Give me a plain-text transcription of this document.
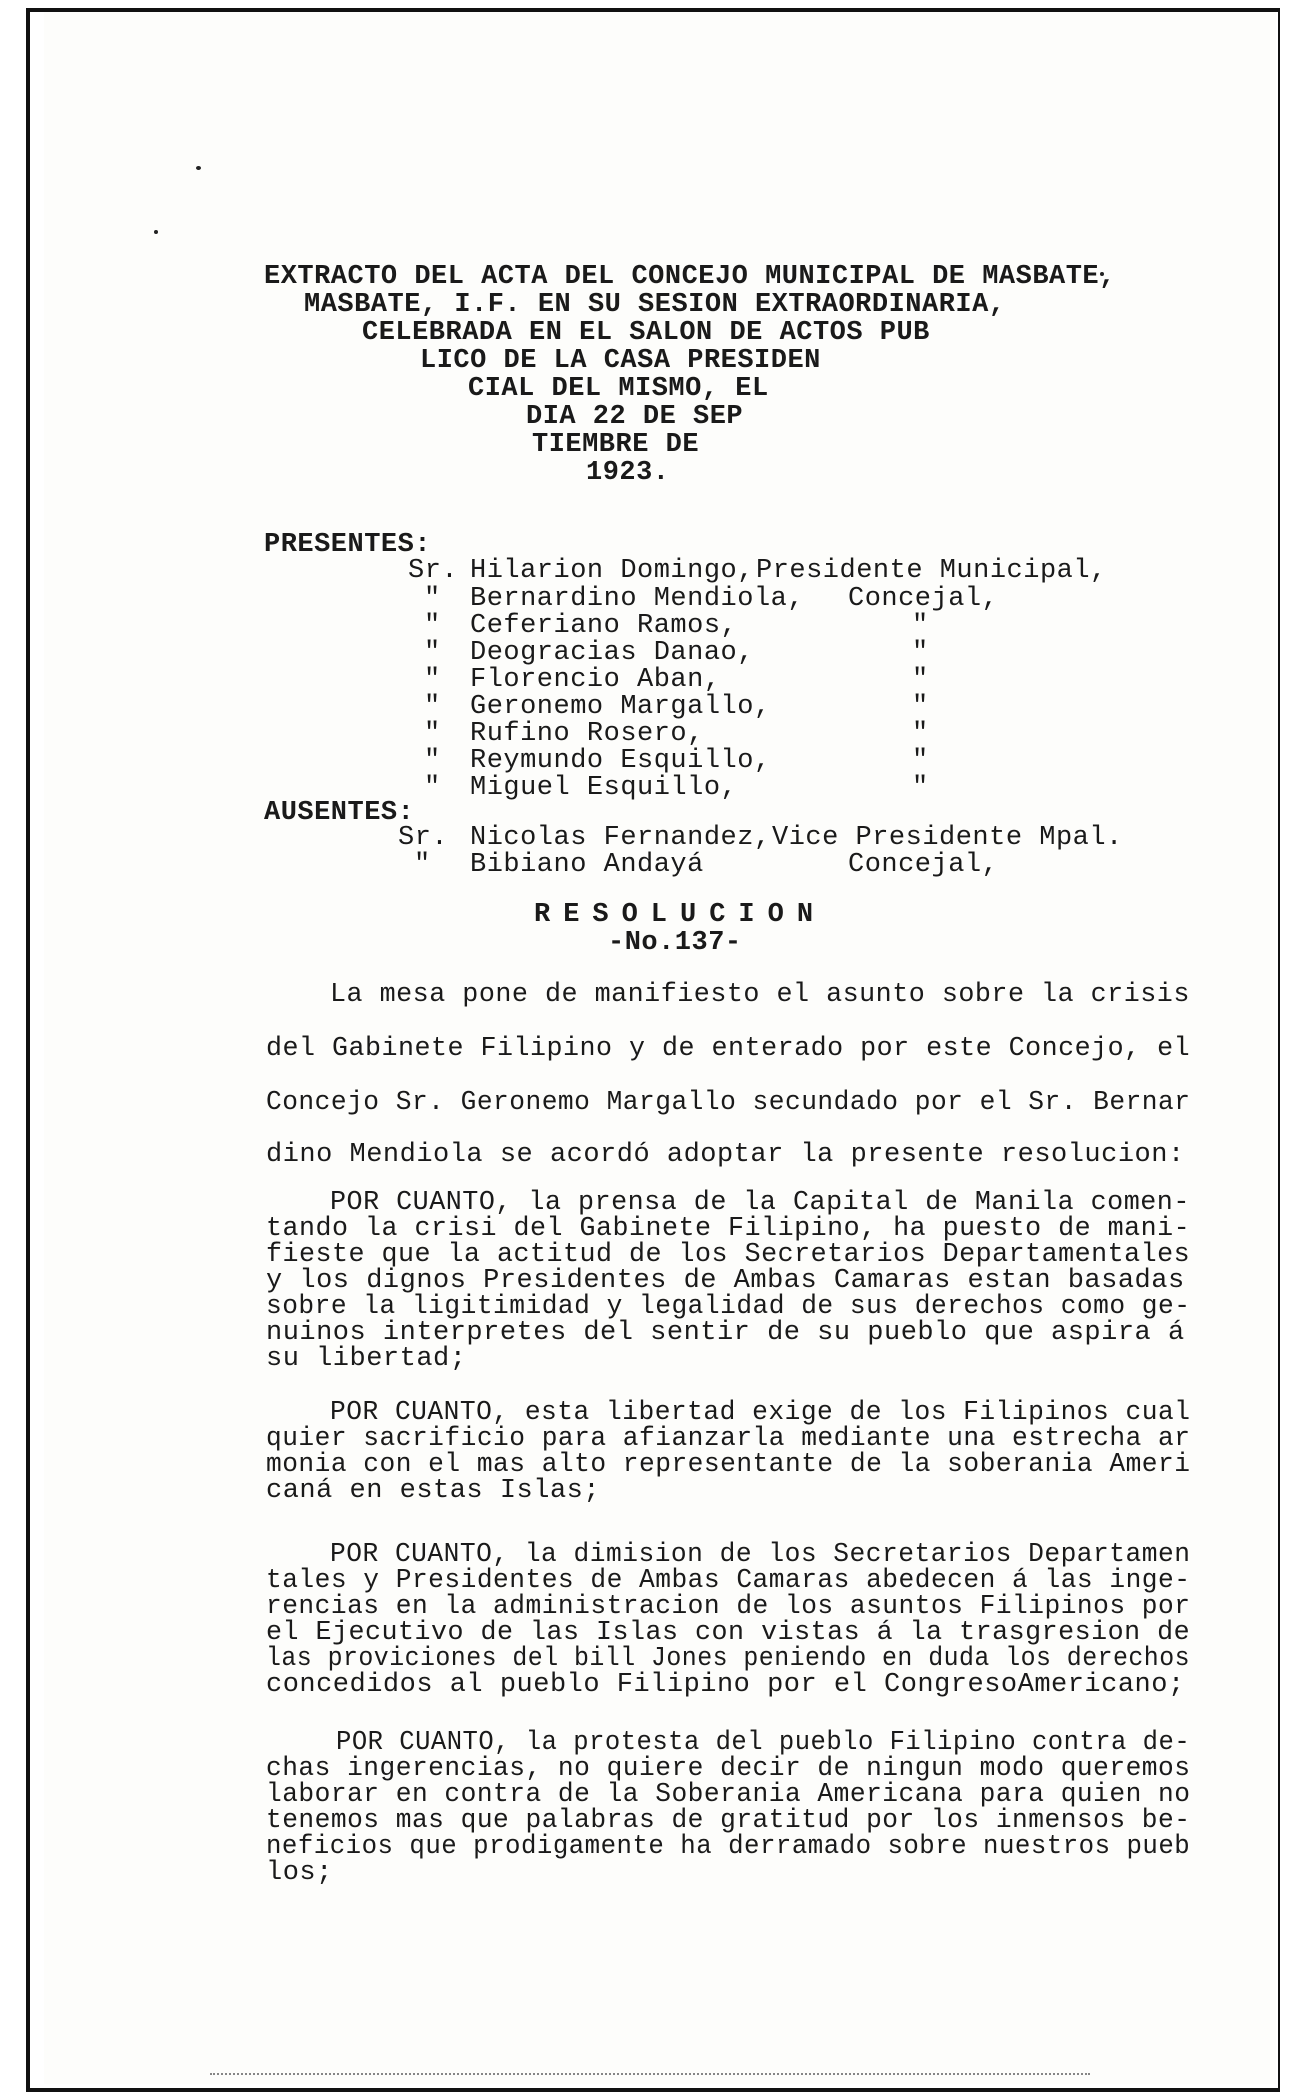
EXTRACTO DEL ACTA DEL CONCEJO MUNICIPAL DE MASBATE,
MASBATE, I.F. EN SU SESION EXTRAORDINARIA,
CELEBRADA EN EL SALON DE ACTOS PUB
LICO DE LA CASA PRESIDEN
CIAL DEL MISMO, EL
DIA 22 DE SEP
TIEMBRE DE
1923.
PRESENTES:
Sr. Hilarion Domingo, Presidente Municipal,
" Bernardino Mendiola, Concejal,
" Ceferiano Ramos,	"
" Deogracias Danao,	"
" Florencio Aban,	"
" Geronemo Margallo,	"
" Rufino Rosero,	"
" Reymundo Esquillo,	"
" Miguel Esquillo,	"
AUSENTES:
Sr. Nicolas Fernandez, Vice Presidente Mpal.
" Bibiano Andayá	Concejal,
RESOLUCION
-No.137-
La mesa pone de manifiesto el asunto sobre la crisis
del Gabinete Filipino y de enterado por este Concejo, el
Concejo Sr. Geronemo Margallo secundado por el Sr. Bernar
dino Mendiola se acordó adoptar la presente resolucion:
POR CUANTO, la prensa de la Capital de Manila comen-
tando la crisi del Gabinete Filipino, ha puesto de mani-
fieste que la actitud de los Secretarios Departamentales
y los dignos Presidentes de Ambas Camaras estan basadas
sobre la ligitimidad y legalidad de sus derechos como ge-
nuinos interpretes del sentir de su pueblo que aspira á
su libertad;
POR CUANTO, esta libertad exige de los Filipinos cual
quier sacrificio para afianzarla mediante una estrecha ar
monia con el mas alto representante de la soberania Ameri
caná en estas Islas;
POR CUANTO, la dimision de los Secretarios Departamen
tales y Presidentes de Ambas Camaras abedecen á las inge-
rencias en la administracion de los asuntos Filipinos por
el Ejecutivo de las Islas con vistas á la trasgresion de
las proviciones del bill Jones peniendo en duda los derechos
concedidos al pueblo Filipino por el CongresoAmericano;
POR CUANTO, la protesta del pueblo Filipino contra de-
chas ingerencias, no quiere decir de ningun modo queremos
laborar en contra de la Soberania Americana para quien no
tenemos mas que palabras de gratitud por los inmensos be-
neficios que prodigamente ha derramado sobre nuestros pueb
los;
